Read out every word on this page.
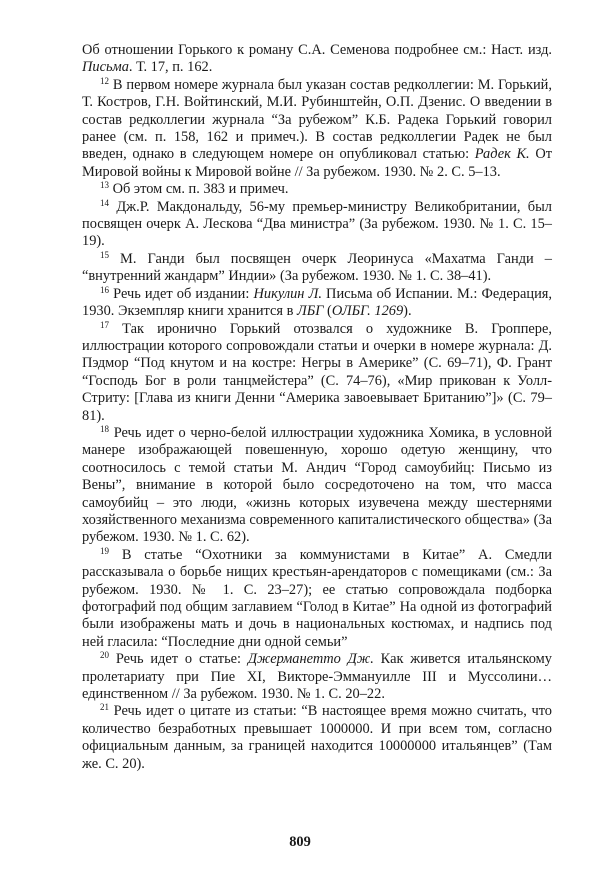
Об отношении Горького к роману С.А. Семенова подробнее см.: Наст. изд. Письма. Т. 17, п. 162.

$^{12}$ В первом номере журнала был указан состав редколлегии: М. Горький, Т. Костров, Г.Н. Войтинский, М.И. Рубинштейн, О.П. Дзенис. О введении в состав редколлегии журнала “За рубежом” К.Б. Радека Горький говорил ранее (см. п. 158, 162 и примеч.). В состав редколлегии Радек не был введен, однако в следующем номере он опубликовал статью: Радек К. От Мировой войны к Мировой войне // За рубежом. 1930. № 2. С. 5–13.

$^{13}$ Об этом см. п. 383 и примеч.

$^{14}$ Дж.Р. Макдональду, 56-му премьер-министру Великобритании, был посвящен очерк А. Лескова “Два министра” (За рубежом. 1930. № 1. С. 15–19).

$^{15}$ М. Ганди был посвящен очерк Леоринуса «Махатма Ганди – “внутренний жандарм” Индии» (За рубежом. 1930. № 1. С. 38–41).

$^{16}$ Речь идет об издании: Никулин Л. Письма об Испании. М.: Федерация, 1930. Экземпляр книги хранится в ЛБГ (ОЛБГ. 1269).

$^{17}$ Так иронично Горький отозвался о художнике В. Гроппере, иллюстрации которого сопровождали статьи и очерки в номере журнала: Д. Пэдмор “Под кнутом и на костре: Негры в Америке” (С. 69–71), Ф. Грант “Господь Бог в роли танцмейстера” (С. 74–76), «Мир прикован к Уолл-Стриту: [Глава из книги Денни “Америка завоевывает Британию”]» (С. 79–81).

$^{18}$ Речь идет о черно-белой иллюстрации художника Хомика, в условной манере изображающей повешенную, хорошо одетую женщину, что соотносилось с темой статьи М. Андич “Город самоубийц: Письмо из Вены”, внимание в которой было сосредоточено на том, что масса самоубийц – это люди, «жизнь которых изувечена между шестернями хозяйственного механизма современного капиталистического общества» (За рубежом. 1930. № 1. С. 62).

$^{19}$ В статье “Охотники за коммунистами в Китае” А. Смедли рассказывала о борьбе нищих крестьян-арендаторов с помещиками (см.: За рубежом. 1930. № 1. С. 23–27); ее статью сопровождала подборка фотографий под общим заглавием “Голод в Китае” На одной из фотографий были изображены мать и дочь в национальных костюмах, и надпись под ней гласила: “Последние дни одной семьи”

$^{20}$ Речь идет о статье: Джерманетто Дж. Как живется итальянскому пролетариату при Пие XI, Викторе-Эммануилле III и Муссолини… единственном // За рубежом. 1930. № 1. С. 20–22.

$^{21}$ Речь идет о цитате из статьи: “В настоящее время можно считать, что количество безработных превышает 1000000. И при всем том, согласно официальным данным, за границей находится 10000000 итальянцев” (Там же. С. 20).

809
